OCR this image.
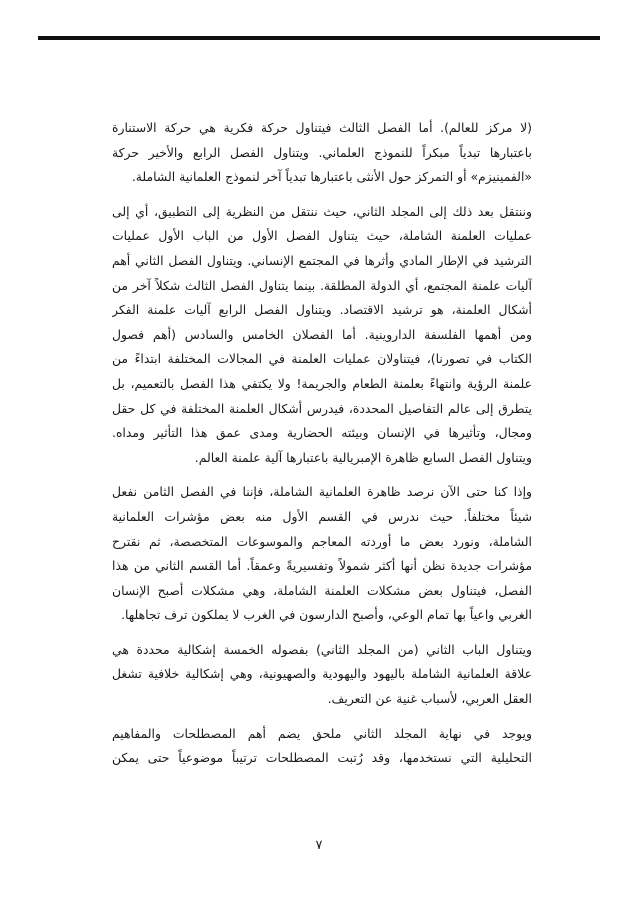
(لا مركز للعالم). أما الفصل الثالث فيتناول حركة فكرية هي حركة الاستنارة
باعتبارها تبدياً مبكراً للنموذج العلماني. ويتناول الفصل الرابع والأخير حركة
«الفمينيزم» أو التمركز حول الأنثى باعتبارها تبدياً آخر لنموذج العلمانية الشاملة.

وننتقل بعد ذلك إلى المجلد الثاني، حيث ننتقل من النظرية إلى التطبيق، أي إلى
عمليات العلمنة الشاملة، حيث يتناول الفصل الأول من الباب الأول عمليات
الترشيد في الإطار المادي وأثرها في المجتمع الإنساني. ويتناول الفصل الثاني أهم
آليات علمنة المجتمع، أي الدولة المطلقة. بينما يتناول الفصل الثالث شكلاً آخر من
أشكال العلمنة، هو ترشيد الاقتصاد. ويتناول الفصل الرابع آليات علمنة الفكر
ومن أهمها الفلسفة الداروينية. أما الفصلان الخامس والسادس (أهم فصول
الكتاب في تصورنا)، فيتناولان عمليات العلمنة في المجالات المختلفة ابتداءً من
علمنة الرؤية وانتهاءً بعلمنة الطعام والجريمة! ولا يكتفي هذا الفصل بالتعميم، بل
يتطرق إلى عالم التفاصيل المحددة، فيدرس أشكال العلمنة المختلفة في كل حقل
ومجال، وتأثيرها في الإنسان وبيئته الحضارية ومدى عمق هذا التأثير ومداه.
ويتناول الفصل السابع ظاهرة الإمبريالية باعتبارها آلية علمنة العالم.

وإذا كنا حتى الآن نرصد ظاهرة العلمانية الشاملة، فإننا في الفصل الثامن نفعل
شيئاً مختلفاً. حيث ندرس في القسم الأول منه بعض مؤشرات العلمانية
الشاملة، ونورد بعض ما أوردته المعاجم والموسوعات المتخصصة، ثم نقترح
مؤشرات جديدة نظن أنها أكثر شمولاً وتفسيريةً وعمقاً. أما القسم الثاني من هذا
الفصل، فيتناول بعض مشكلات العلمنة الشاملة، وهي مشكلات أصبح الإنسان
الغربي واعياً بها تمام الوعي، وأصبح الدارسون في الغرب لا يملكون ترف تجاهلها.

ويتناول الباب الثاني (من المجلد الثاني) بفصوله الخمسة إشكالية محددة هي
علاقة العلمانية الشاملة باليهود واليهودية والصهيونية، وهي إشكالية خلافية تشغل
العقل العربي، لأسباب غنية عن التعريف.

ويوجد في نهاية المجلد الثاني ملحق يضم أهم المصطلحات والمفاهيم
التحليلية التي نستخدمها، وقد رُتبت المصطلحات ترتيباً موضوعياً حتى يمكن

٧
